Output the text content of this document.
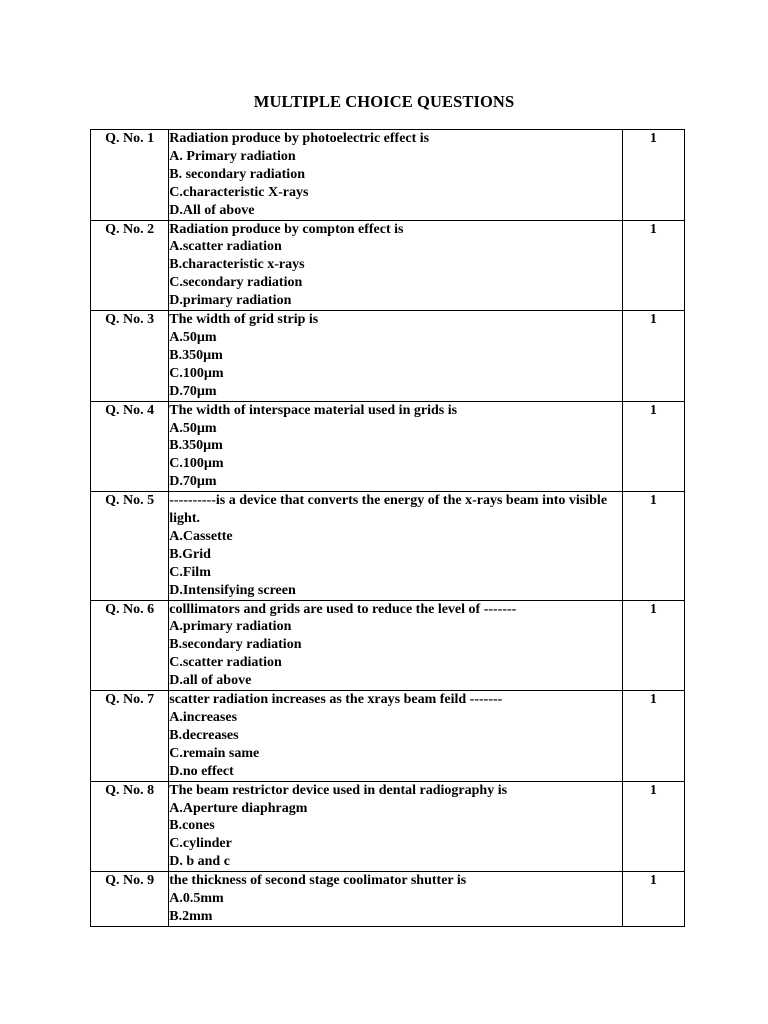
MULTIPLE CHOICE QUESTIONS
Q. No. 1	Radiation produce by photoelectric effect is
A. Primary radiation
B. secondary radiation
C.characteristic X-rays
D.All of above	1
Q. No. 2	Radiation produce by compton effect is
A.scatter radiation
B.characteristic x-rays
C.secondary radiation
D.primary radiation	1
Q. No. 3	The width of grid strip is
A.50µm
B.350µm
C.100µm
D.70µm	1
Q. No. 4	The width of interspace material used in grids is
A.50µm
B.350µm
C.100µm
D.70µm	1
Q. No. 5	----------is a device that converts the energy of the x-rays beam into visible light.
A.Cassette
B.Grid
C.Film
D.Intensifying screen	1
Q. No. 6	colllimators and grids are used to reduce the level of -------
A.primary radiation
B.secondary radiation
C.scatter radiation
D.all of above	1
Q. No. 7	scatter radiation increases as the xrays beam feild -------
A.increases
B.decreases
C.remain same
D.no effect	1
Q. No. 8	The beam restrictor device used in dental radiography is
A.Aperture diaphragm
B.cones
C.cylinder
D. b and c	1
Q. No. 9	the thickness of second stage coolimator shutter is
A.0.5mm
B.2mm	1
